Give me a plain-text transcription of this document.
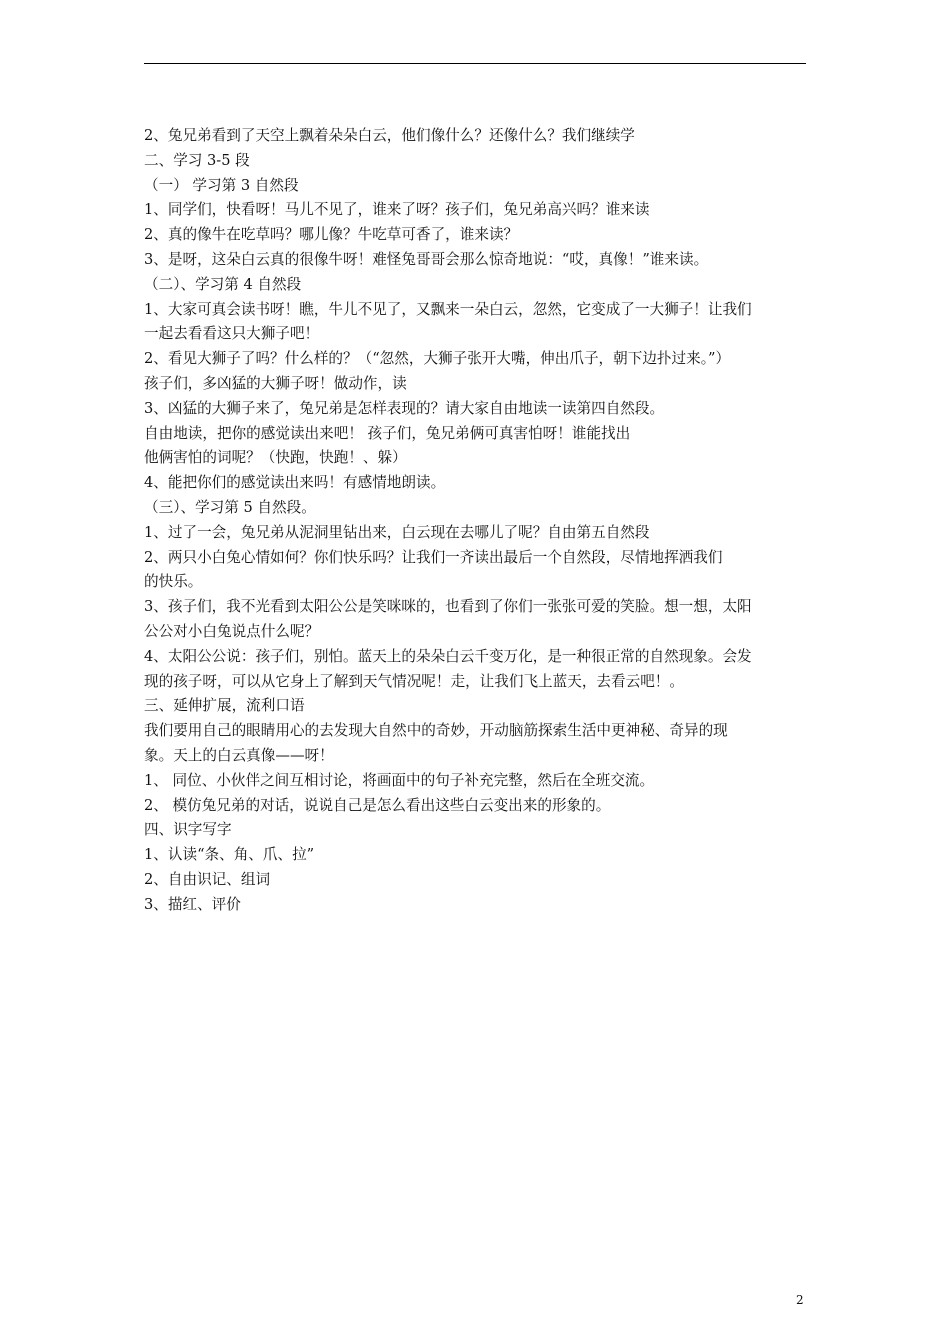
2、兔兄弟看到了天空上飘着朵朵白云，他们像什么？还像什么？我们继续学
二、学习 3-5 段
（一） 学习第 3 自然段
1、同学们，快看呀！马儿不见了，谁来了呀？孩子们，兔兄弟高兴吗？谁来读
2、真的像牛在吃草吗？哪儿像？牛吃草可香了，谁来读？
3、是呀，这朵白云真的很像牛呀！难怪兔哥哥会那么惊奇地说：“哎，真像！”谁来读。
（二）、学习第 4 自然段
1、大家可真会读书呀！瞧，牛儿不见了，又飘来一朵白云，忽然，它变成了一大狮子！让我们
一起去看看这只大狮子吧！
2、看见大狮子了吗？什么样的？（“忽然，大狮子张开大嘴，伸出爪子，朝下边扑过来。”）
孩子们，多凶猛的大狮子呀！做动作，读
3、凶猛的大狮子来了，兔兄弟是怎样表现的？请大家自由地读一读第四自然段。
自由地读，把你的感觉读出来吧！ 孩子们，兔兄弟俩可真害怕呀！谁能找出
他俩害怕的词呢？（快跑，快跑！、躲）
4、能把你们的感觉读出来吗！有感情地朗读。
（三）、学习第 5 自然段。
1、过了一会，兔兄弟从泥洞里钻出来，白云现在去哪儿了呢？自由第五自然段
2、两只小白兔心情如何？你们快乐吗？让我们一齐读出最后一个自然段，尽情地挥洒我们
的快乐。
3、孩子们，我不光看到太阳公公是笑咪咪的，也看到了你们一张张可爱的笑脸。想一想，太阳
公公对小白兔说点什么呢？
4、太阳公公说：孩子们，别怕。蓝天上的朵朵白云千变万化，是一种很正常的自然现象。会发
现的孩子呀，可以从它身上了解到天气情况呢！走，让我们飞上蓝天，去看云吧！。
三、延伸扩展，流利口语
我们要用自己的眼睛用心的去发现大自然中的奇妙，开动脑筋探索生活中更神秘、奇异的现
象。天上的白云真像——呀！
1、 同位、小伙伴之间互相讨论，将画面中的句子补充完整，然后在全班交流。
2、 模仿兔兄弟的对话，说说自己是怎么看出这些白云变出来的形象的。
四、识字写字
1、认读“条、角、爪、拉”
2、自由识记、组词
3、描红、评价
2
